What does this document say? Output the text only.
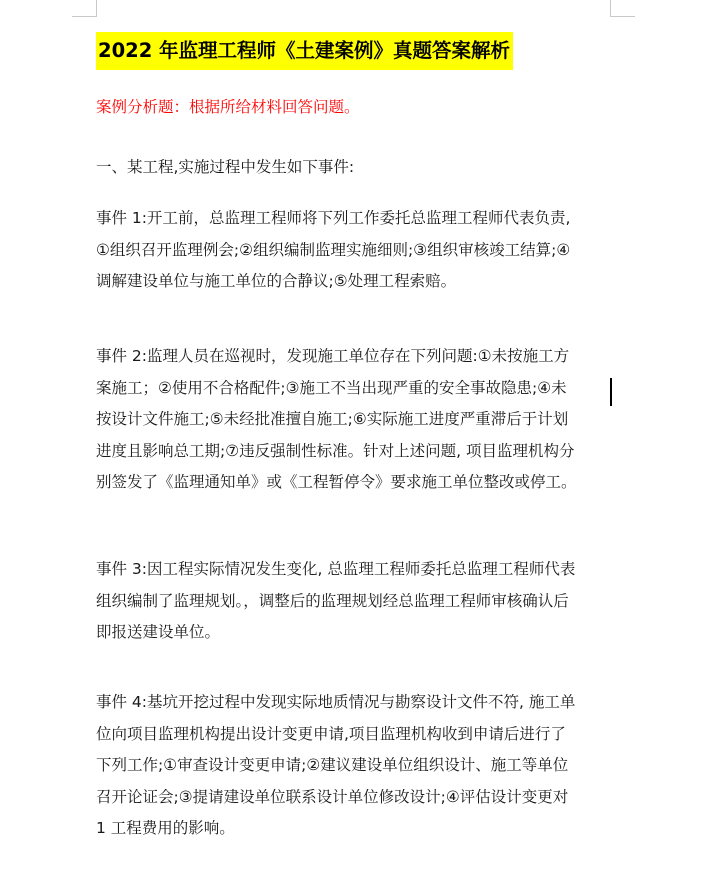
2022 年监理工程师《土建案例》真题答案解析
案例分析题：根据所给材料回答问题。
一、某工程,实施过程中发生如下事件:
事件 1:开工前，总监理工程师将下列工作委托总监理工程师代表负责,
①组织召开监理例会;②组织编制监理实施细则;③组织审核竣工结算;④
调解建设单位与施工单位的合静议;⑤处理工程索赔。
事件 2:监理人员在巡视时，发现施工单位存在下列问题:①未按施工方
案施工；②使用不合格配件;③施工不当出现严重的安全事故隐患;④未
按设计文件施工;⑤未经批准擅自施工;⑥实际施工进度严重滞后于计划
进度且影响总工期;⑦违反强制性标准。针对上述问题, 项目监理机构分
别签发了《监理通知单》或《工程暂停令》要求施工单位整改或停工。
事件 3:因工程实际情况发生变化, 总监理工程师委托总监理工程师代表
组织编制了监理规划。，调整后的监理规划经总监理工程师审核确认后
即报送建设单位。
事件 4:基坑开挖过程中发现实际地质情况与勘察设计文件不符, 施工单
位向项目监理机构提出设计变更申请,项目监理机构收到申请后进行了
下列工作;①审查设计变更申请;②建议建设单位组织设计、施工等单位
召开论证会;③提请建设单位联系设计单位修改设计;④评估设计变更对
1 工程费用的影响。
